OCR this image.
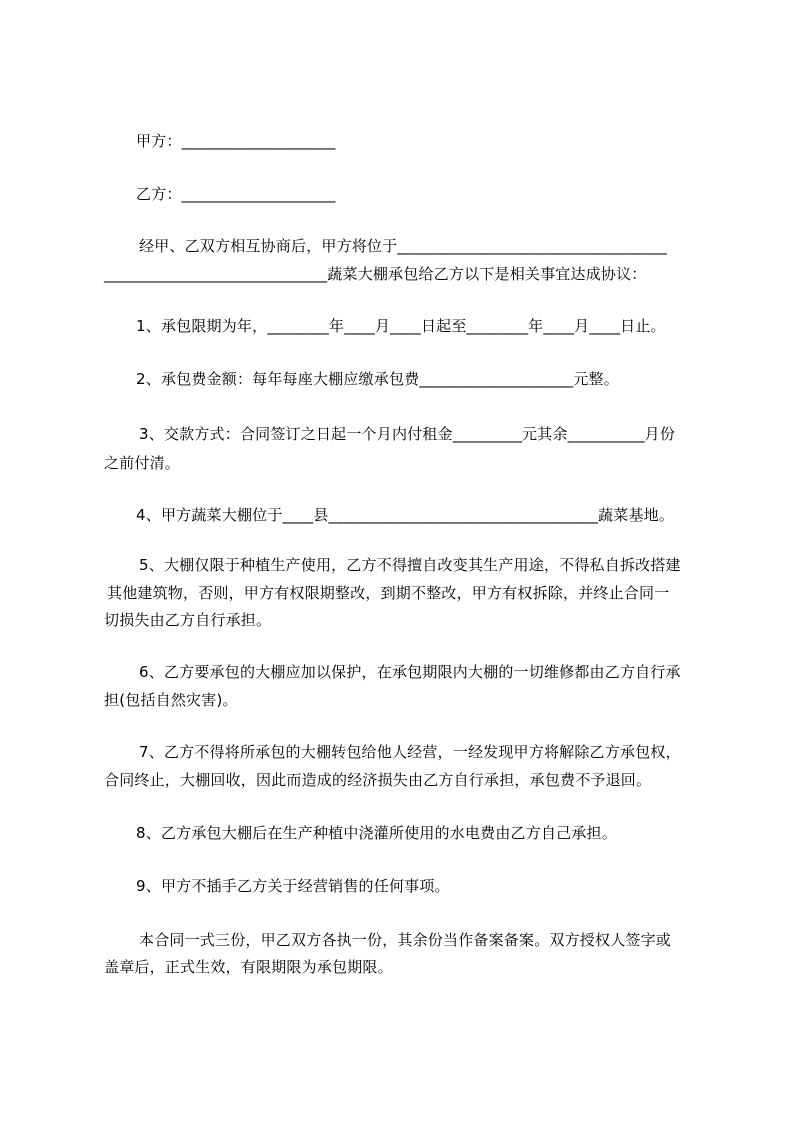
甲方：____________________
乙方：____________________
经甲、乙双方相互协商后，甲方将位于___________________________________
_____________________________蔬菜大棚承包给乙方以下是相关事宜达成协议：
1、承包限期为年，________年____月____日起至________年____月____日止。
2、承包费金额：每年每座大棚应缴承包费____________________元整。
3、交款方式：合同签订之日起一个月内付租金_________元其余__________月份
之前付清。
4、甲方蔬菜大棚位于____县___________________________________蔬菜基地。
5、大棚仅限于种植生产使用，乙方不得擅自改变其生产用途，不得私自拆改搭建
其他建筑物，否则，甲方有权限期整改，到期不整改，甲方有权拆除，并终止合同一
切损失由乙方自行承担。
6、乙方要承包的大棚应加以保护，在承包期限内大棚的一切维修都由乙方自行承
担(包括自然灾害)。
7、乙方不得将所承包的大棚转包给他人经营，一经发现甲方将解除乙方承包权，
合同终止，大棚回收，因此而造成的经济损失由乙方自行承担，承包费不予退回。
8、乙方承包大棚后在生产种植中浇灌所使用的水电费由乙方自己承担。
9、甲方不插手乙方关于经营销售的任何事项。
本合同一式三份，甲乙双方各执一份，其余份当作备案备案。双方授权人签字或
盖章后，正式生效，有限期限为承包期限。
